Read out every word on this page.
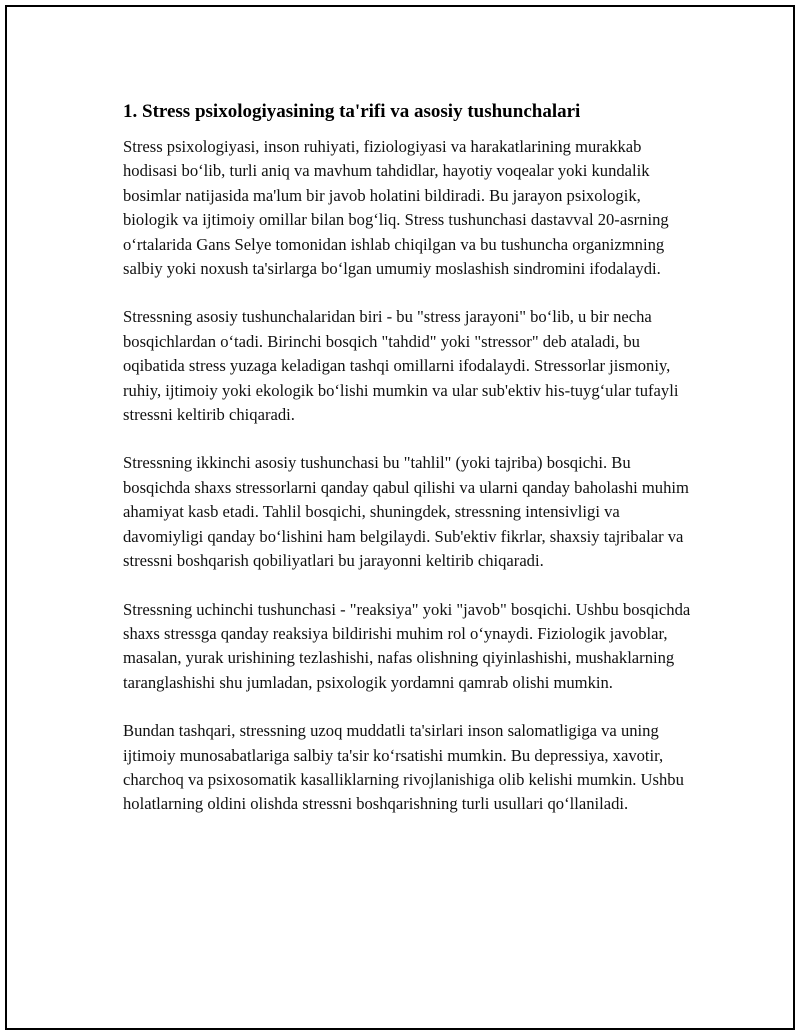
1. Stress psixologiyasining ta'rifi va asosiy tushunchalari

Stress psixologiyasi, inson ruhiyati, fiziologiyasi va harakatlarining murakkab hodisasi bo‘lib, turli aniq va mavhum tahdidlar, hayotiy voqealar yoki kundalik bosimlar natijasida ma'lum bir javob holatini bildiradi. Bu jarayon psixologik, biologik va ijtimoiy omillar bilan bog‘liq. Stress tushunchasi dastavval 20-asrning o‘rtalarida Gans Selye tomonidan ishlab chiqilgan va bu tushuncha organizmning salbiy yoki noxush ta'sirlarga bo‘lgan umumiy moslashish sindromini ifodalaydi.

Stressning asosiy tushunchalaridan biri - bu "stress jarayoni" bo‘lib, u bir necha bosqichlardan o‘tadi. Birinchi bosqich "tahdid" yoki "stressor" deb ataladi, bu oqibatida stress yuzaga keladigan tashqi omillarni ifodalaydi. Stressorlar jismoniy, ruhiy, ijtimoiy yoki ekologik bo‘lishi mumkin va ular sub'ektiv his-tuyg‘ular tufayli stressni keltirib chiqaradi.

Stressning ikkinchi asosiy tushunchasi bu "tahlil" (yoki tajriba) bosqichi. Bu bosqichda shaxs stressorlarni qanday qabul qilishi va ularni qanday baholashi muhim ahamiyat kasb etadi. Tahlil bosqichi, shuningdek, stressning intensivligi va davomiyligi qanday bo‘lishini ham belgilaydi. Sub'ektiv fikrlar, shaxsiy tajribalar va stressni boshqarish qobiliyatlari bu jarayonni keltirib chiqaradi.

Stressning uchinchi tushunchasi - "reaksiya" yoki "javob" bosqichi. Ushbu bosqichda shaxs stressga qanday reaksiya bildirishi muhim rol o‘ynaydi. Fiziologik javoblar, masalan, yurak urishining tezlashishi, nafas olishning qiyinlashishi, mushaklarning taranglashishi shu jumladan, psixologik yordamni qamrab olishi mumkin.

Bundan tashqari, stressning uzoq muddatli ta'sirlari inson salomatligiga va uning ijtimoiy munosabatlariga salbiy ta'sir ko‘rsatishi mumkin. Bu depressiya, xavotir, charchoq va psixosomatik kasalliklarning rivojlanishiga olib kelishi mumkin. Ushbu holatlarning oldini olishda stressni boshqarishning turli usullari qo‘llaniladi.
